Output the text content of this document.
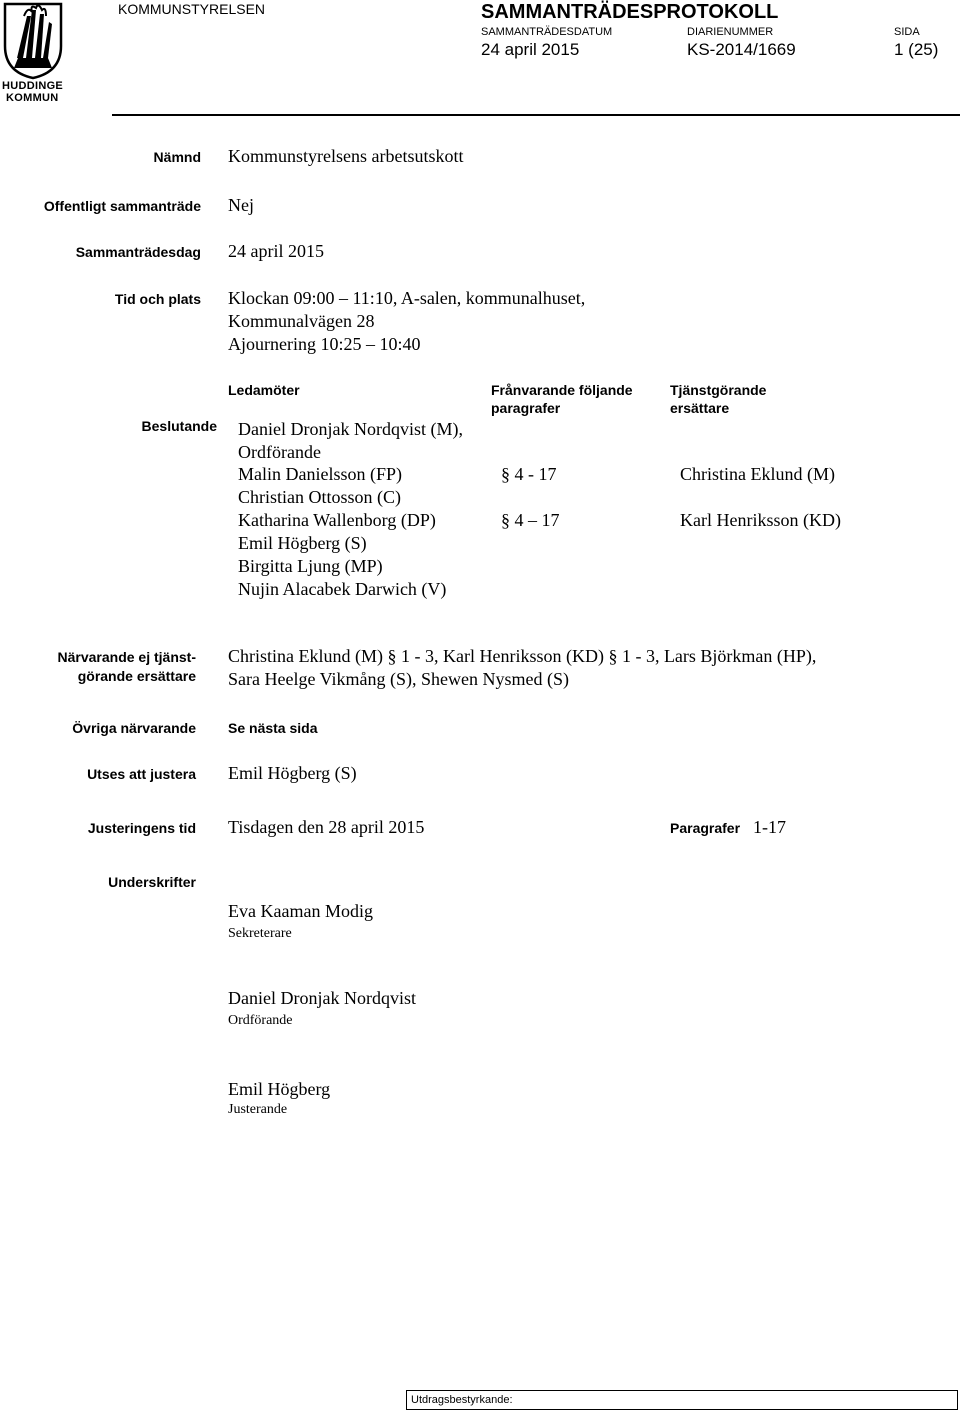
HUDDINGE
KOMMUN
KOMMUNSTYRELSEN	SAMMANTRÄDESPROTOKOLL
SAMMANTRÄDESDATUM	DIARIENUMMER	SIDA
24 april 2015	KS-2014/1669	1 (25)
Nämnd Kommunstyrelsens arbetsutskott
Offentligt sammanträde Nej
Sammanträdesdag 24 april 2015
Tid och plats Klockan 09:00 – 11:10, A-salen, kommunalhuset,
Kommunalvägen 28
Ajournering 10:25 – 10:40
Ledamöter	Frånvarande följande paragrafer
Tjänstgörande ersättare
Beslutande Daniel Dronjak Nordqvist (M), Ordförande
Malin Danielsson (FP)	§ 4 - 17	Christina Eklund (M)
Christian Ottosson (C)
Katharina Wallenborg (DP)	§ 4 – 17	Karl Henriksson (KD)
Emil Högberg (S)
Birgitta Ljung (MP)
Nujin Alacabek Darwich (V)
Närvarande ej tjänst-
görande ersättare
Christina Eklund (M) § 1 - 3, Karl Henriksson (KD) § 1 - 3, Lars Björkman (HP),
Sara Heelge Vikmång (S), Shewen Nysmed (S)
Övriga närvarande Se nästa sida
Utses att justera Emil Högberg (S)
Justeringens tid Tisdagen den 28 april 2015	Paragrafer 1-17
Underskrifter
Eva Kaaman Modig
Sekreterare
Daniel Dronjak Nordqvist
Ordförande
Emil Högberg
Justerande
Utdragsbestyrkande:
